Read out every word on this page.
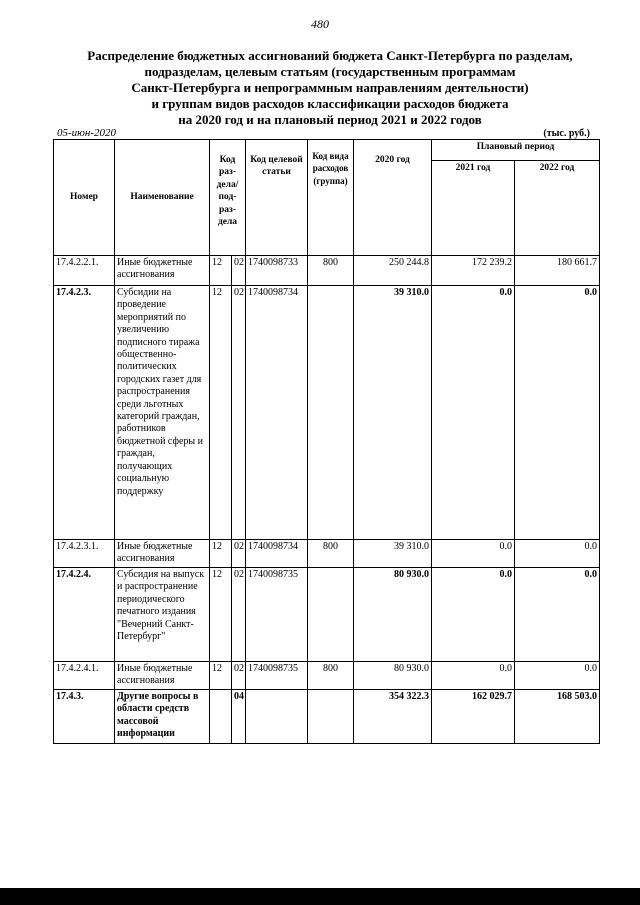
480
Распределение бюджетных ассигнований бюджета Санкт-Петербурга по разделам,
подразделам, целевым статьям (государственным программам
Санкт-Петербурга и непрограммным направлениям деятельности)
и группам видов расходов классификации расходов бюджета
на 2020 год и на плановый период 2021 и 2022 годов
05-июн-2020	(тыс. руб.)
Номер	Наименование	Код раз- дела/ под- раз- дела		Код целевой статьи	Код вида расходов (группа)	2020 год	Плановый период	
							2021 год	2022 год
17.4.2.2.1.	Иные бюджетные ассигнования	12	02	1740098733	800	250 244.8	172 239.2	180 661.7
17.4.2.3.	Субсидии на проведение мероприятий по увеличению подписного тиража общественно-политических городских газет для распространения среди льготных категорий граждан, работников бюджетной сферы и граждан, получающих социальную поддержку	12	02	1740098734		39 310.0	0.0	0.0
17.4.2.3.1.	Иные бюджетные ассигнования	12	02	1740098734	800	39 310.0	0.0	0.0
17.4.2.4.	Субсидия на выпуск и распространение периодического печатного издания "Вечерний Санкт-Петербург"	12	02	1740098735		80 930.0	0.0	0.0
17.4.2.4.1.	Иные бюджетные ассигнования	12	02	1740098735	800	80 930.0	0.0	0.0
17.4.3.	Другие вопросы в области средств массовой информации		04			354 322.3	162 029.7	168 503.0
